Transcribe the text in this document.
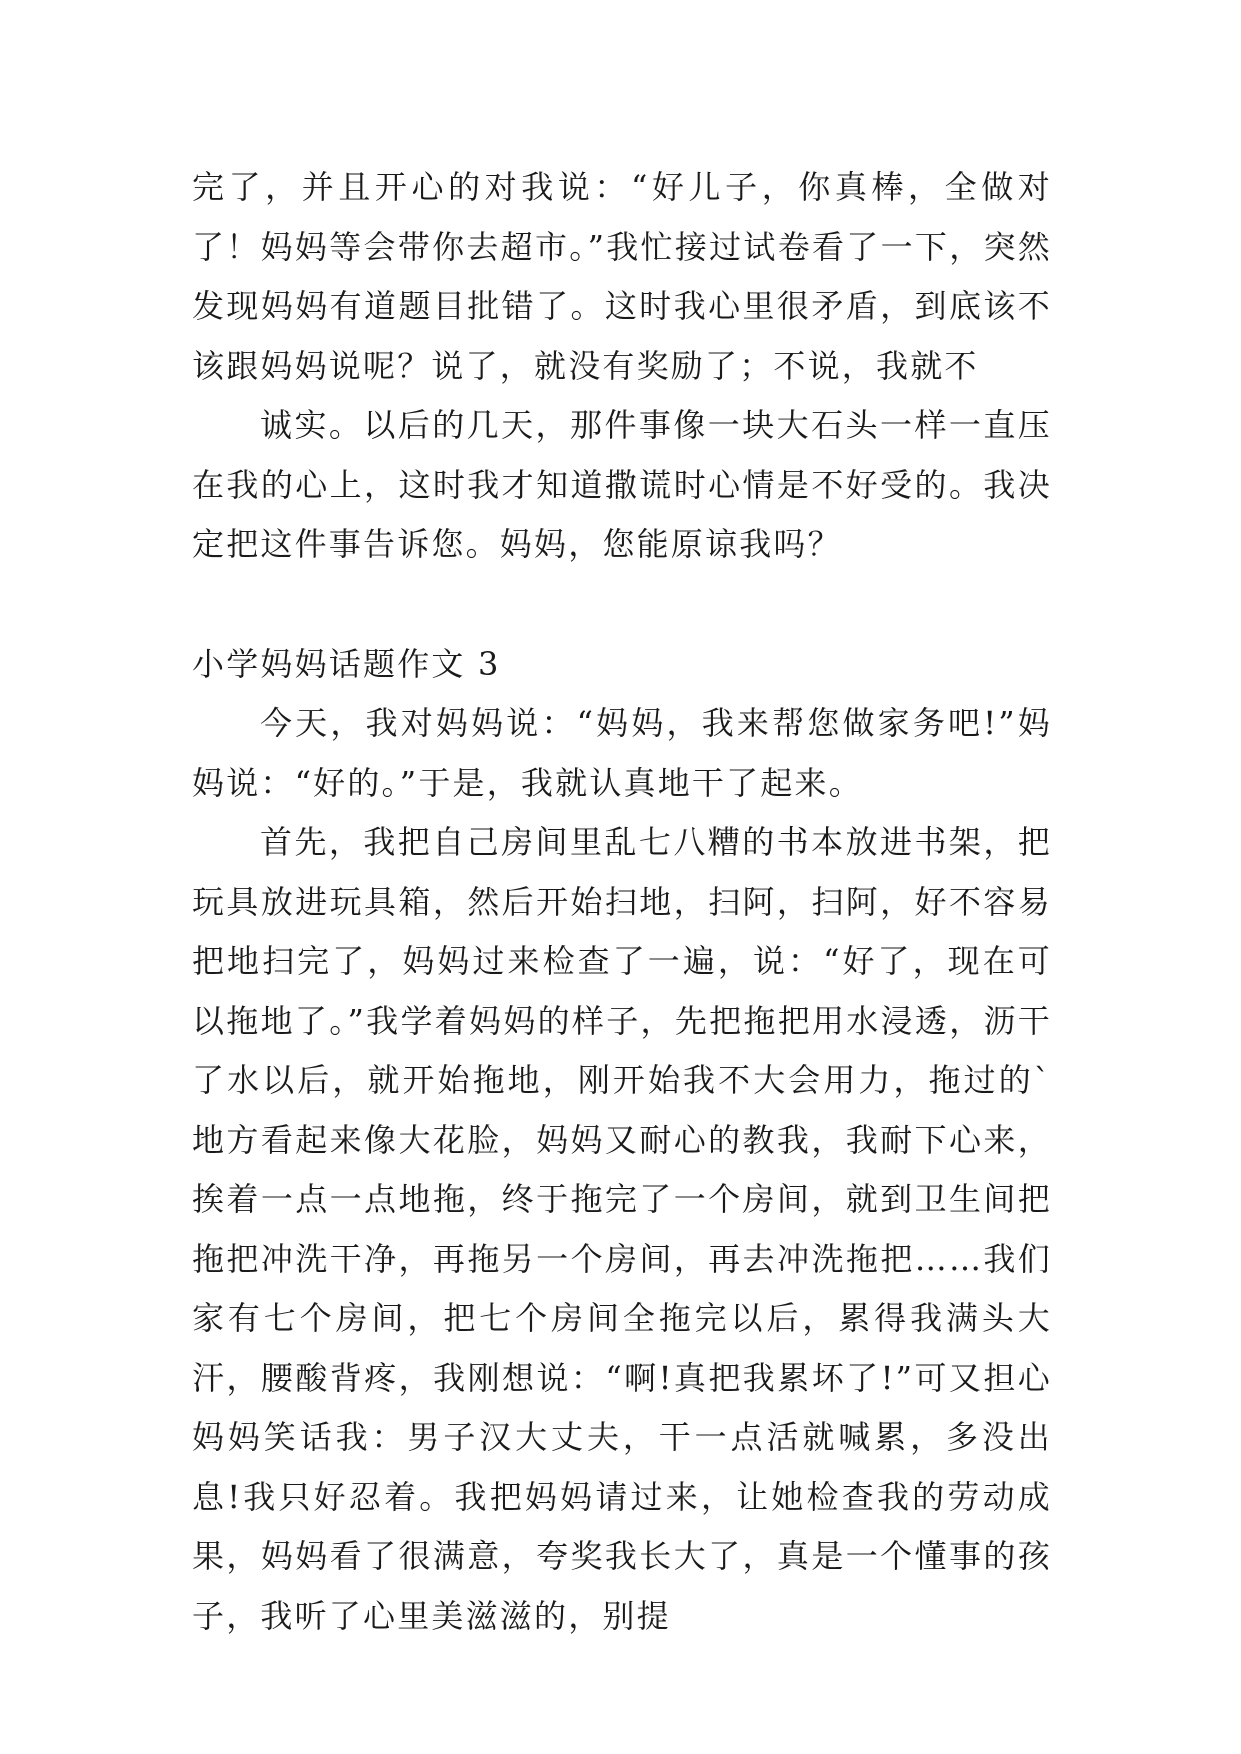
完了，并且开心的对我说：“好儿子，你真棒，全做对了！妈妈等会带你去超市。”我忙接过试卷看了一下，突然发现妈妈有道题目批错了。这时我心里很矛盾，到底该不该跟妈妈说呢？说了，就没有奖励了；不说，我就不

诚实。以后的几天，那件事像一块大石头一样一直压在我的心上，这时我才知道撒谎时心情是不好受的。我决定把这件事告诉您。妈妈，您能原谅我吗？

小学妈妈话题作文 3

今天，我对妈妈说：“妈妈，我来帮您做家务吧!”妈妈说：“好的。”于是，我就认真地干了起来。

首先，我把自己房间里乱七八糟的书本放进书架，把玩具放进玩具箱，然后开始扫地，扫阿，扫阿，好不容易把地扫完了，妈妈过来检查了一遍，说：“好了，现在可以拖地了。”我学着妈妈的样子，先把拖把用水浸透，沥干了水以后，就开始拖地，刚开始我不大会用力，拖过的`地方看起来像大花脸，妈妈又耐心的教我，我耐下心来，挨着一点一点地拖，终于拖完了一个房间，就到卫生间把拖把冲洗干净，再拖另一个房间，再去冲洗拖把……我们家有七个房间，把七个房间全拖完以后，累得我满头大汗，腰酸背疼，我刚想说：“啊!真把我累坏了!”可又担心妈妈笑话我：男子汉大丈夫，干一点活就喊累，多没出息!我只好忍着。我把妈妈请过来，让她检查我的劳动成果，妈妈看了很满意，夸奖我长大了，真是一个懂事的孩子，我听了心里美滋滋的，别提
